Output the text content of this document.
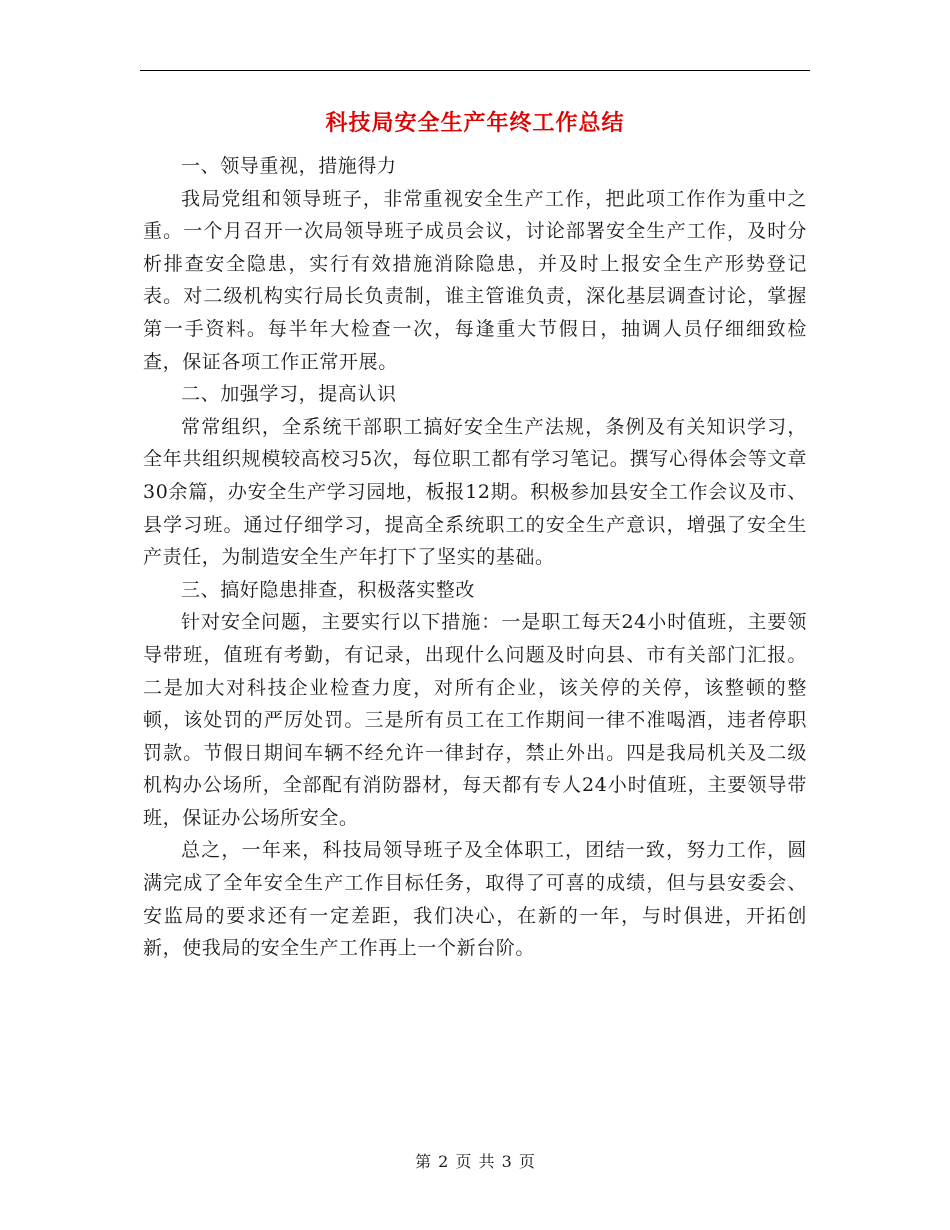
科技局安全生产年终工作总结

一、领导重视，措施得力

我局党组和领导班子，非常重视安全生产工作，把此项工作作为重中之重。一个月召开一次局领导班子成员会议，讨论部署安全生产工作，及时分析排查安全隐患，实行有效措施消除隐患，并及时上报安全生产形势登记表。对二级机构实行局长负责制，谁主管谁负责，深化基层调查讨论，掌握第一手资料。每半年大检查一次，每逢重大节假日，抽调人员仔细细致检查，保证各项工作正常开展。

二、加强学习，提高认识

常常组织，全系统干部职工搞好安全生产法规，条例及有关知识学习，全年共组织规模较高校习5次，每位职工都有学习笔记。撰写心得体会等文章30余篇，办安全生产学习园地，板报12期。积极参加县安全工作会议及市、县学习班。通过仔细学习，提高全系统职工的安全生产意识，增强了安全生产责任，为制造安全生产年打下了坚实的基础。

三、搞好隐患排查，积极落实整改

针对安全问题，主要实行以下措施：一是职工每天24小时值班，主要领导带班，值班有考勤，有记录，出现什么问题及时向县、市有关部门汇报。二是加大对科技企业检查力度，对所有企业，该关停的关停，该整顿的整顿，该处罚的严厉处罚。三是所有员工在工作期间一律不准喝酒，违者停职罚款。节假日期间车辆不经允许一律封存，禁止外出。四是我局机关及二级机构办公场所，全部配有消防器材，每天都有专人24小时值班，主要领导带班，保证办公场所安全。

总之，一年来，科技局领导班子及全体职工，团结一致，努力工作，圆满完成了全年安全生产工作目标任务，取得了可喜的成绩，但与县安委会、安监局的要求还有一定差距，我们决心，在新的一年，与时俱进，开拓创新，使我局的安全生产工作再上一个新台阶。

第 2 页 共 3 页
